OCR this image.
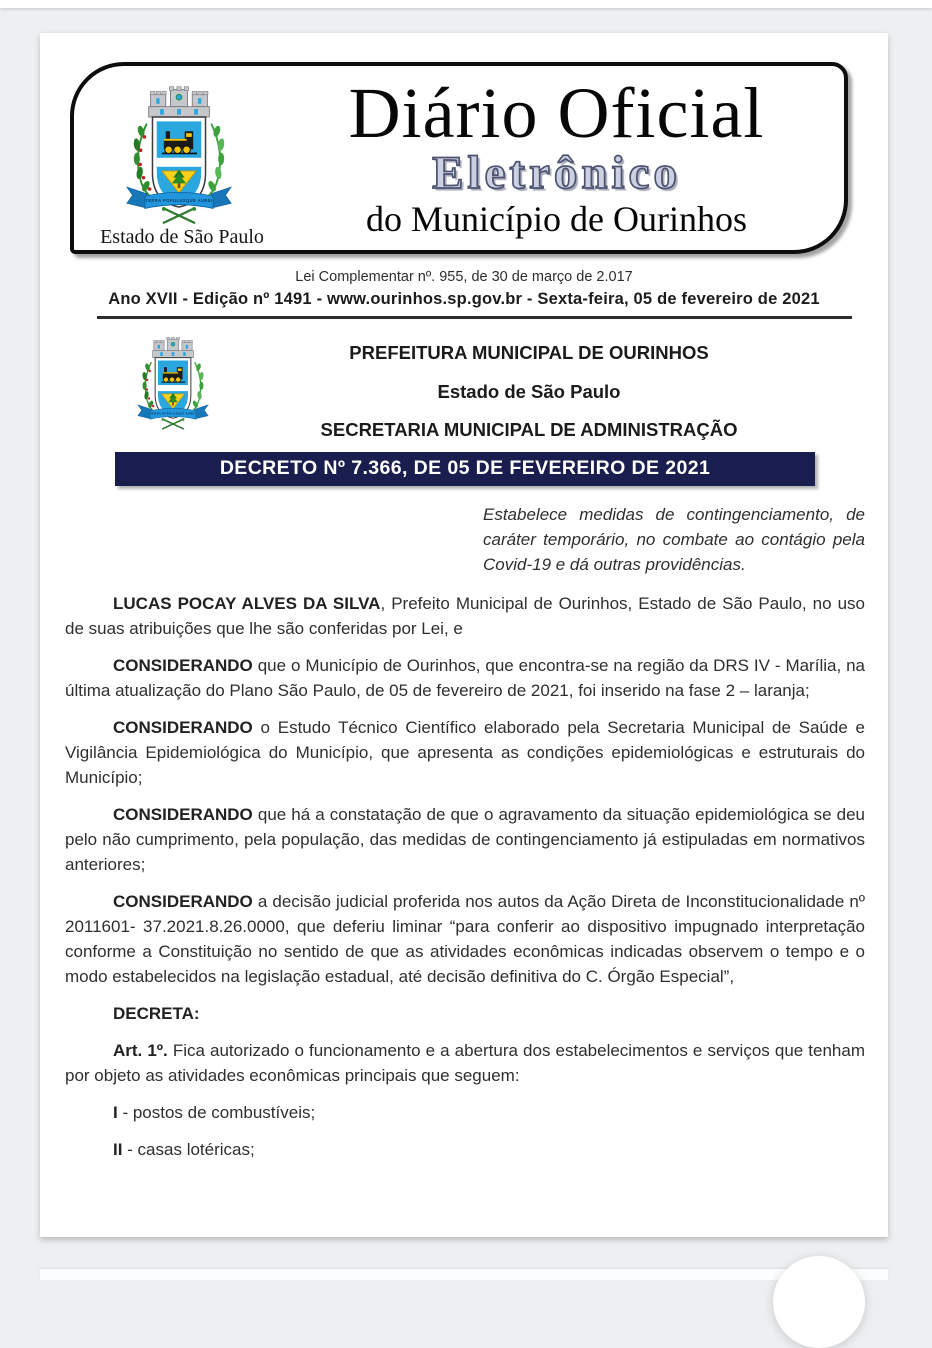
Estado de São Paulo
Diário Oficial
Eletrônico
do Município de Ourinhos
Lei Complementar nº. 955, de 30 de março de 2.017
Ano XVII - Edição nº 1491 - www.ourinhos.sp.gov.br - Sexta-feira, 05 de fevereiro de 2021
PREFEITURA MUNICIPAL DE OURINHOS
Estado de São Paulo
SECRETARIA MUNICIPAL DE ADMINISTRAÇÃO
DECRETO Nº 7.366, DE 05 DE FEVEREIRO DE 2021
Estabelece medidas de contingenciamento, de caráter temporário, no combate ao contágio pela Covid-19 e dá outras providências.

LUCAS POCAY ALVES DA SILVA, Prefeito Municipal de Ourinhos, Estado de São Paulo, no uso de suas atribuições que lhe são conferidas por Lei, e

CONSIDERANDO que o Município de Ourinhos, que encontra-se na região da DRS IV - Marília, na última atualização do Plano São Paulo, de 05 de fevereiro de 2021, foi inserido na fase 2 – laranja;

CONSIDERANDO o Estudo Técnico Científico elaborado pela Secretaria Municipal de Saúde e Vigilância Epidemiológica do Município, que apresenta as condições epidemiológicas e estruturais do Município;

CONSIDERANDO que há a constatação de que o agravamento da situação epidemiológica se deu pelo não cumprimento, pela população, das medidas de contingenciamento já estipuladas em normativos anteriores;

CONSIDERANDO a decisão judicial proferida nos autos da Ação Direta de Inconstitucionalidade nº 2011601- 37.2021.8.26.0000, que deferiu liminar “para conferir ao dispositivo impugnado interpretação conforme a Constituição no sentido de que as atividades econômicas indicadas observem o tempo e o modo estabelecidos na legislação estadual, até decisão definitiva do C. Órgão Especial”,

DECRETA:

Art. 1º. Fica autorizado o funcionamento e a abertura dos estabelecimentos e serviços que tenham por objeto as atividades econômicas principais que seguem:

I - postos de combustíveis;

II - casas lotéricas;
